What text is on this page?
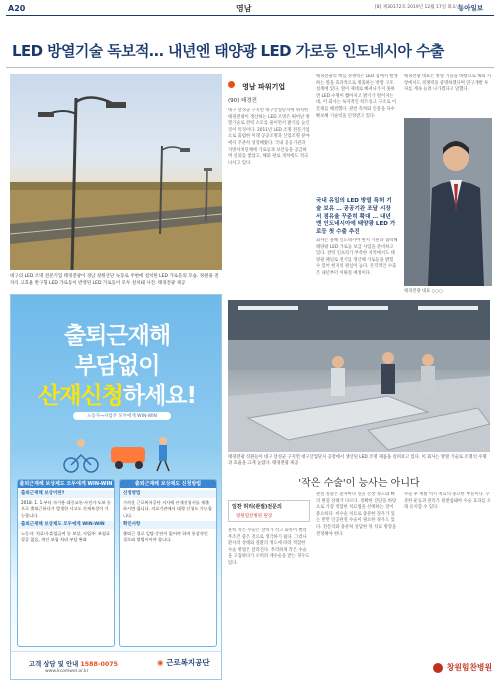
A20	영남	[8] 제30172호 2019년 12월 17일 화요일
동아일보
LED 방열기술 독보적… 내년엔 태양광 LED 가로등 인도네시아 수출
대구의 LED 조명 전문기업 태경전광이 경남 창원산단 녹동로 주변에 설치한 LED 가로등의 모습. 정원용 전자식 고효율 반구형 LED 가로등이 반영된 LED 가로등이 모두 설치돼 사진. 태경전광 제공
영남 파워기업
(90) 태경전
대구 달성군 구지면 대구산업단지에 위치한 태경전광이 생산하는 LED 조명은 뛰어난 방열기술로 전력 소모를 줄이면서 밝기를 높인 것이 특징이다. 2011년 LED 조명 전문기업으로 출범한 이래 공공조명과 산업조명 분야에서 꾸준히 성장해왔다. 국내 공공기관과 지방자치단체에 가로등과 보안등을 공급하며 신뢰를 쌓았고, 해외 판로 개척에도 적극 나서고 있다.
태경전광의 핵심 경쟁력은 LED 칩에서 발생하는 열을 효과적으로 방출하는 방열 구조 설계에 있다. 열이 제대로 빠져나가지 못하면 LED 수명이 짧아지고 밝기가 떨어지는데, 이 회사는 독자적인 히트싱크 구조로 이 문제를 해결했다. 관련 특허와 인증을 다수 확보해 기술력을 인정받고 있다.
국내 유일의 LED 방열 특허 기술 보유 … 공공기관 조달 시장서 점유율 꾸준히 확대 … 내년엔 인도네시아에 태양광 LED 가로등 첫 수출 추진
회사는 올해 인도네시아 현지 기관과 협력해 태양광 LED 가로등 보급 사업을 준비하고 있다. 전력 인프라가 부족한 지역에서도 태양광 패널로 전기를 생산해 가로등을 밝힐 수 있어 현지의 관심이 높다. 본격적인 수출은 내년부터 이뤄질 예정이다.
태경전광 대표는 방열 기술을 바탕으로 해외 시장에서도 경쟁력을 증명하겠다며 연구개발 투자를 계속 늘려 나가겠다고 말했다.
태경전광 대표 ○○○
태경전광 직원들이 대구 달성군 구지면 대구산업단지 공장에서 생산된 LED 조명 제품을 살펴보고 있다. 이 회사는 방열 기술로 조명의 수명과 효율을 크게 높였다. 태경전광 제공
출퇴근재해
부담없이
산재신청하세요!
노동자→사업주 모두에게 WIN-WIN
출퇴근재해 보상제도 모두에게 WIN-WIN
출퇴근재해 보상이란?
2018. 1. 1.부터 자가용·대중교통·자전거·도보 등으로 출퇴근하다가 발생한 사고도 산재보상이 가능합니다.
출퇴근재해 보상제도 모두에게 WIN-WIN
노동자: 치료비·휴업급여 등 보상, 사업주: 보험료 할증 없음, 개인 보험 처리 부담 완화
출퇴근재해 보상제도 신청방법
신청방법
가까운 근로복지공단 지사에 산재신청서를 제출하시면 됩니다. 의료기관에서 대행 신청도 가능합니다.
확인사항
출퇴근 경로 일탈·중단이 없어야 하며 통상적인 경로와 방법이어야 합니다.
고객 상담 및 안내 1588-0075
www.kcomwel.or.kr
◉ 근로복지공단
'작은 수술'이 능사는 아니다
임찬 허리(관절)전문의
창원힘찬병원 원장
흔히 작은 수술은 상처가 작고 회복이 빨라 무조건 좋은 것으로 생각하기 쉽다. 그러나 환자의 상태와 질환의 정도에 따라 적합한 수술 방법은 달라진다. 무리하게 작은 수술을 고집하다가 오히려 재수술을 받는 경우도 있다.
관절 질환은 환자마다 연골 손상 정도와 뼈의 변형 상태가 다르다. 정확한 진단을 바탕으로 가장 적합한 치료법을 선택하는 것이 중요하다. 비수술 치료로 충분한 경우가 있는 반면 인공관절 수술이 필요한 경우도 있다. 전문의와 충분히 상담한 뒤 치료 방향을 결정해야 한다.
수술 후 재활 역시 치료의 중요한 부분이다. 꾸준한 운동과 관리가 뒷받침돼야 수술 효과를 오래 유지할 수 있다.
창원힘찬병원
